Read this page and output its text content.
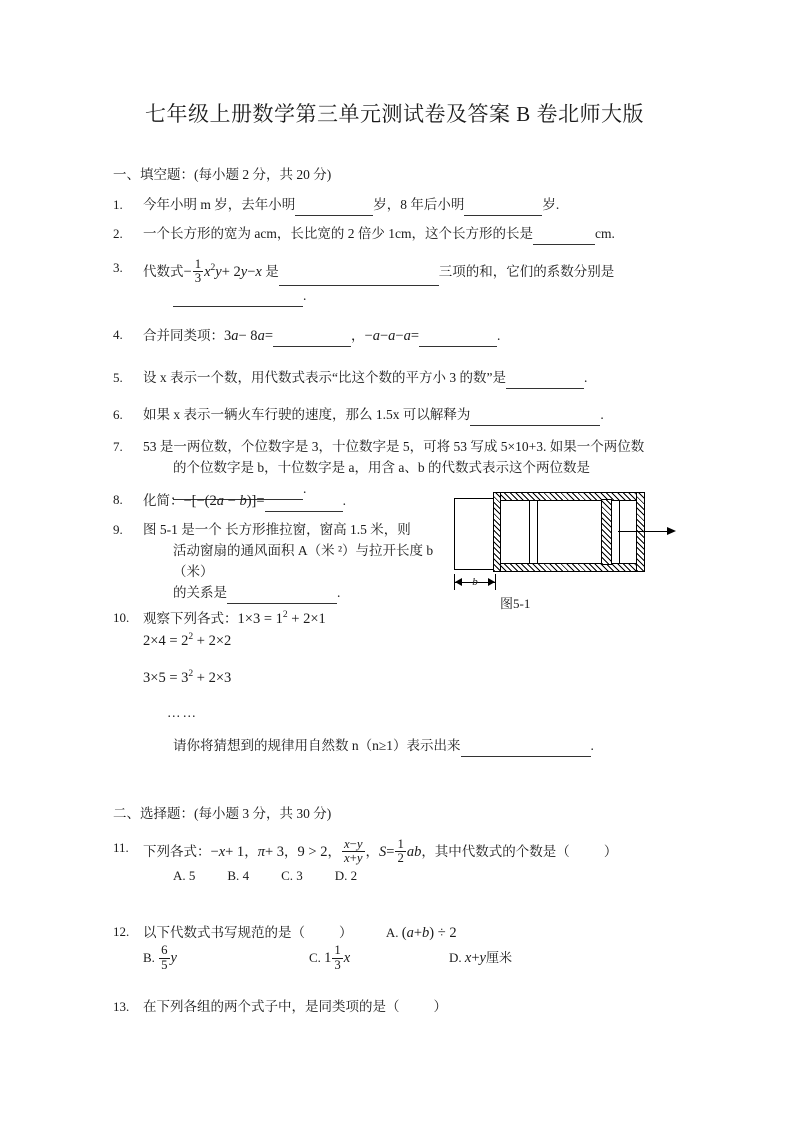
七年级上册数学第三单元测试卷及答案 B 卷北师大版
一、填空题：(每小题 2 分，共 20 分)
1. 今年小明 m 岁，去年小明	岁，8 年后小明	岁.
2. 一个长方形的宽为 acm，长比宽的 2 倍少 1cm，这个长方形的长是	cm.
3. 代数式− $\frac{1}{3} x^2y+ 2y-x$ 是	三项的和，它们的系数分别是
.
4. 合并同类项：3a− 8a=	，−a−a−a=	.
5. 设 x 表示一个数，用代数式表示“比这个数的平方小 3 的数”是	.
6. 如果 x 表示一辆火车行驶的速度，那么 1.5x 可以解释为	.
7. 53 是一两位数，个位数字是 3，十位数字是 5，可将 53 写成 5×10+3. 如果一个两位数
的个位数字是 b，十位数字是 a，用含 a、b 的代数式表示这个两位数是.
8. 化简：−[−(2a − b)]=	.
9. 图 5-1 是一个 长方形推拉窗，窗高 1.5 米，则
活动窗扇的通风面积 A（米 ²）与拉开长度 b（米）
的关系是	.
b
图5-1
10. 观察下列各式：$1\times 3 = 1^2 + 2\times 1$
$2\times 4 = 2^2 + 2\times 2$
$3\times 5 = 3^2 + 2\times 3$
……
请你将猜想到的规律用自然数 n（n≥1）表示出来	.
二、选择题：(每小题 3 分，共 30 分)
11. 下列各式：−x+ 1，π+ 3，9 > 2， $\frac{x-y}{x+y}$ ，$S= \frac{1}{2}$ ab，其中代数式的个数是（	） A. 5 B. 4 C. 3 D. 2
12. 以下代数式书写规范的是（	）	A. (a+b) ÷ 2B. $\frac{6}{5}$ y	C. $1 \frac{1}{3}$ x	D. x+y厘米
13. 在下列各组的两个式子中，是同类项的是（	）
